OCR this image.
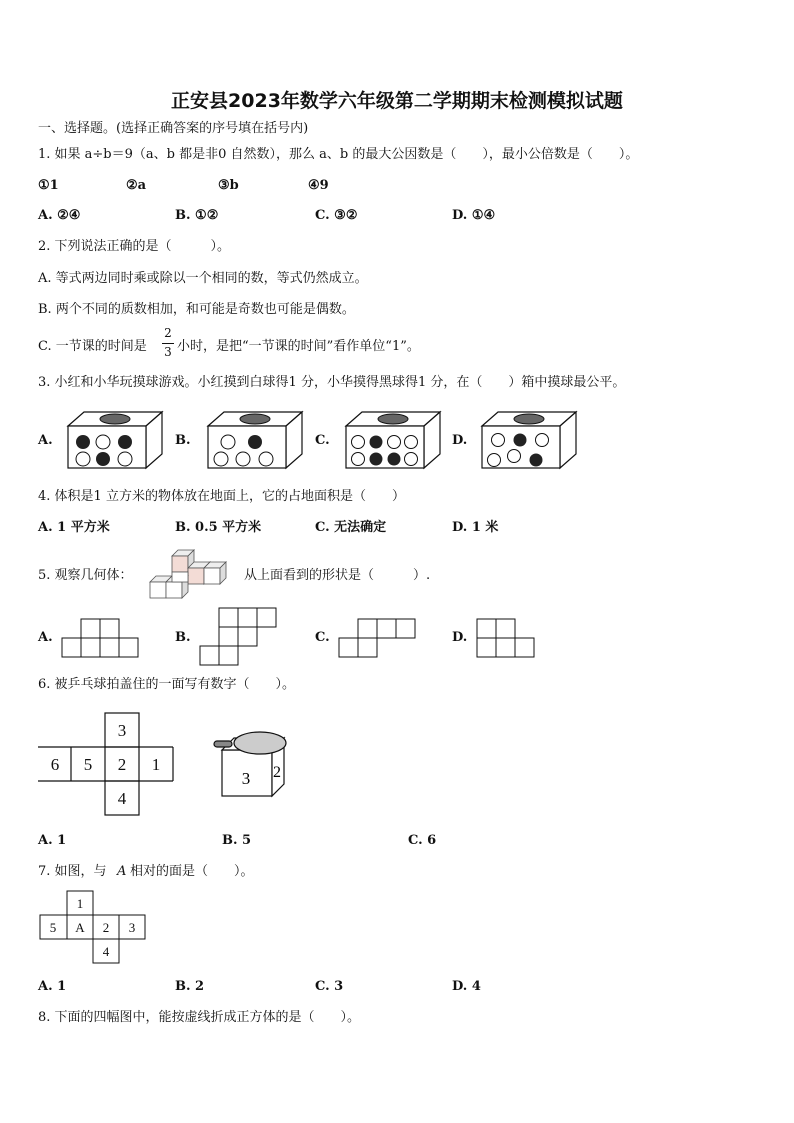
正安县2023年数学六年级第二学期期末检测模拟试题
一、选择题。(选择正确答案的序号填在括号内)
1. 如果 a÷b＝9（a、b 都是非0 自然数），那么 a、b 的最大公因数是（　　），最小公倍数是（　　）。
①1	②a	③b	④9
A. ②④	B. ①②	C. ③②	D. ①④
2. 下列说法正确的是（　　　）。
A. 等式两边同时乘或除以一个相同的数，等式仍然成立。
B. 两个不同的质数相加，和可能是奇数也可能是偶数。
C. 一节课的时间是
2
3 小时，是把“一节课的时间”看作单位“1”。
3. 小红和小华玩摸球游戏。小红摸到白球得1 分，小华摸得黑球得1 分，在（　　）箱中摸球最公平。
A.	B.	C.	D.
4. 体积是1 立方米的物体放在地面上，它的占地面积是（　　）
A. 1 平方米	B. 0.5 平方米	C. 无法确定	D. 1 米
5. 观察几何体：	从上面看到的形状是（　　　）.
A.	B.	C.	D.
6. 被乒乓球拍盖住的一面写有数字（　　）。
3
6 5 2 1
4
3 2
A. 1	B. 5	C. 6
7. 如图，与 A 相对的面是（　　）。
1
5 A 2 3
4
A. 1	B. 2	C. 3	D. 4
8. 下面的四幅图中，能按虚线折成正方体的是（　　）。
